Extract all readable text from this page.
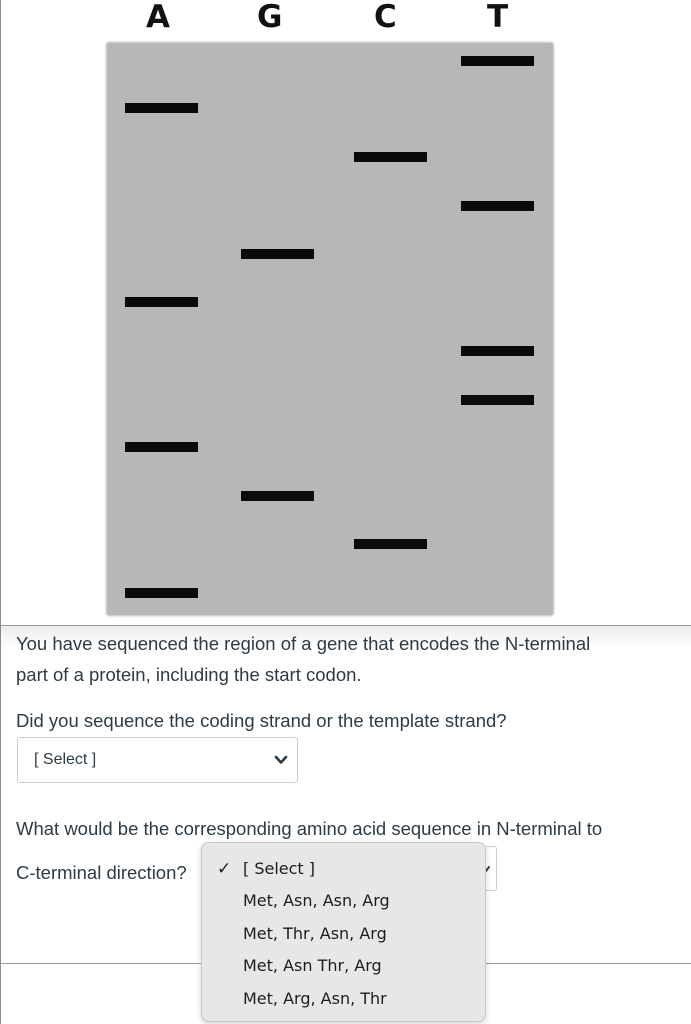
A	G	C	T
You have sequenced the region of a gene that encodes the N-terminal
part of a protein, including the start codon.
Did you sequence the coding strand or the template strand?
[ Select ]
What would be the corresponding amino acid sequence in N-terminal to
C-terminal direction? ✓ [ Select ]
Met, Asn, Asn, Arg
Met, Thr, Asn, Arg
Met, Asn Thr, Arg
Met, Arg, Asn, Thr
